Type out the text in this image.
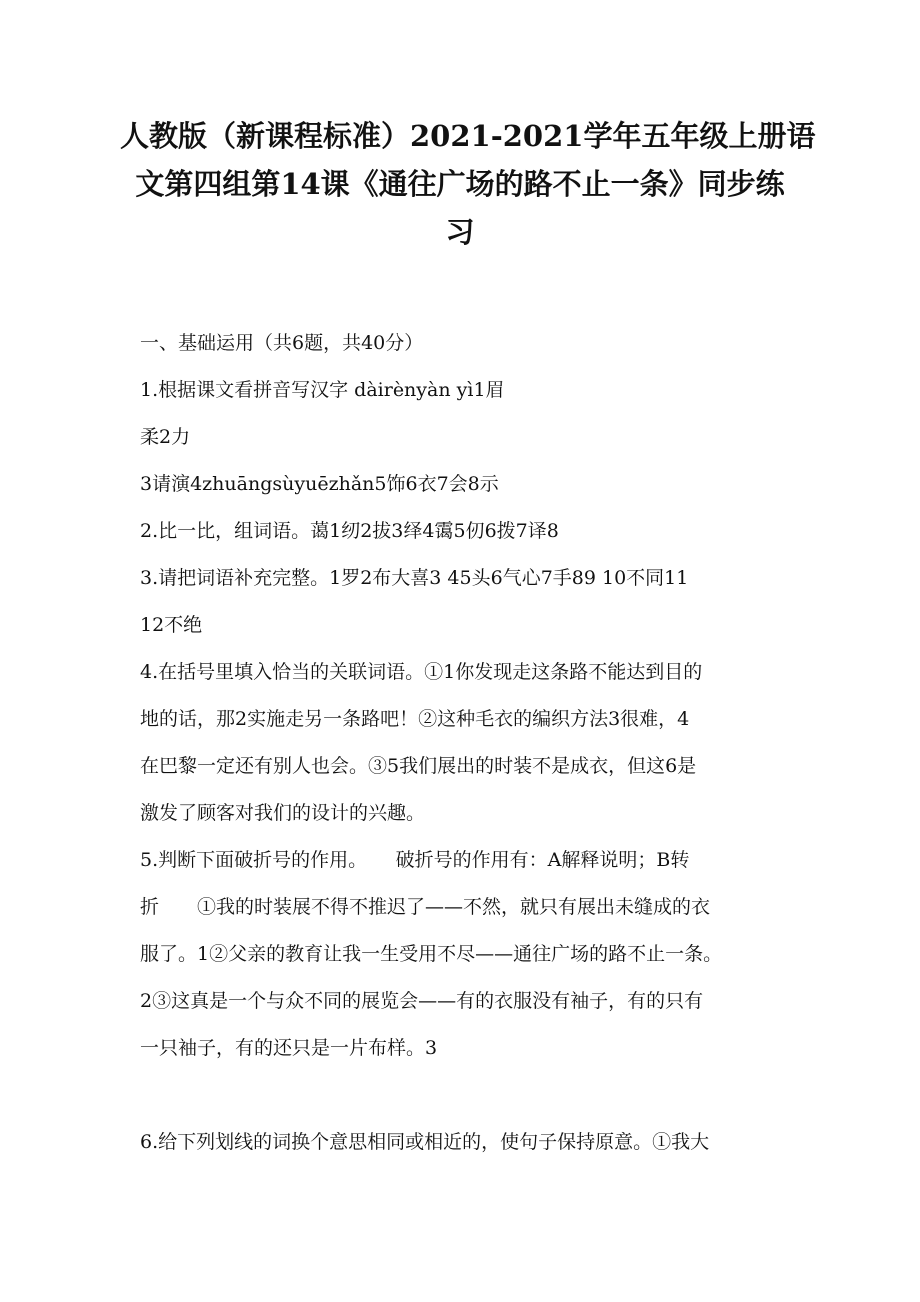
人教版（新课程标准）2021-2021学年五年级上册语
文第四组第14课《通往广场的路不止一条》同步练
习
一、基础运用（共6题，共40分）
1.根据课文看拼音写汉字 dàirènyàn yì1眉
柔2力
3请演4zhuāngsùyuēzhǎn5饰6衣7会8示
2.比一比，组词语。蔼1纫2拔3绎4霭5仞6拨7译8
3.请把词语补充完整。1罗2布大喜3 45头6气心7手89 10不同11
12不绝
4.在括号里填入恰当的关联词语。①1你发现走这条路不能达到目的
地的话，那2实施走另一条路吧！②这种毛衣的编织方法3很难，4
在巴黎一定还有别人也会。③5我们展出的时装不是成衣，但这6是
激发了顾客对我们的设计的兴趣。
5.判断下面破折号的作用。　　破折号的作用有：A解释说明；B转
折　　①我的时装展不得不推迟了——不然，就只有展出未缝成的衣
服了。1②父亲的教育让我一生受用不尽——通往广场的路不止一条。
2③这真是一个与众不同的展览会——有的衣服没有袖子，有的只有
一只袖子，有的还只是一片布样。3
6.给下列划线的词换个意思相同或相近的，使句子保持原意。①我大
